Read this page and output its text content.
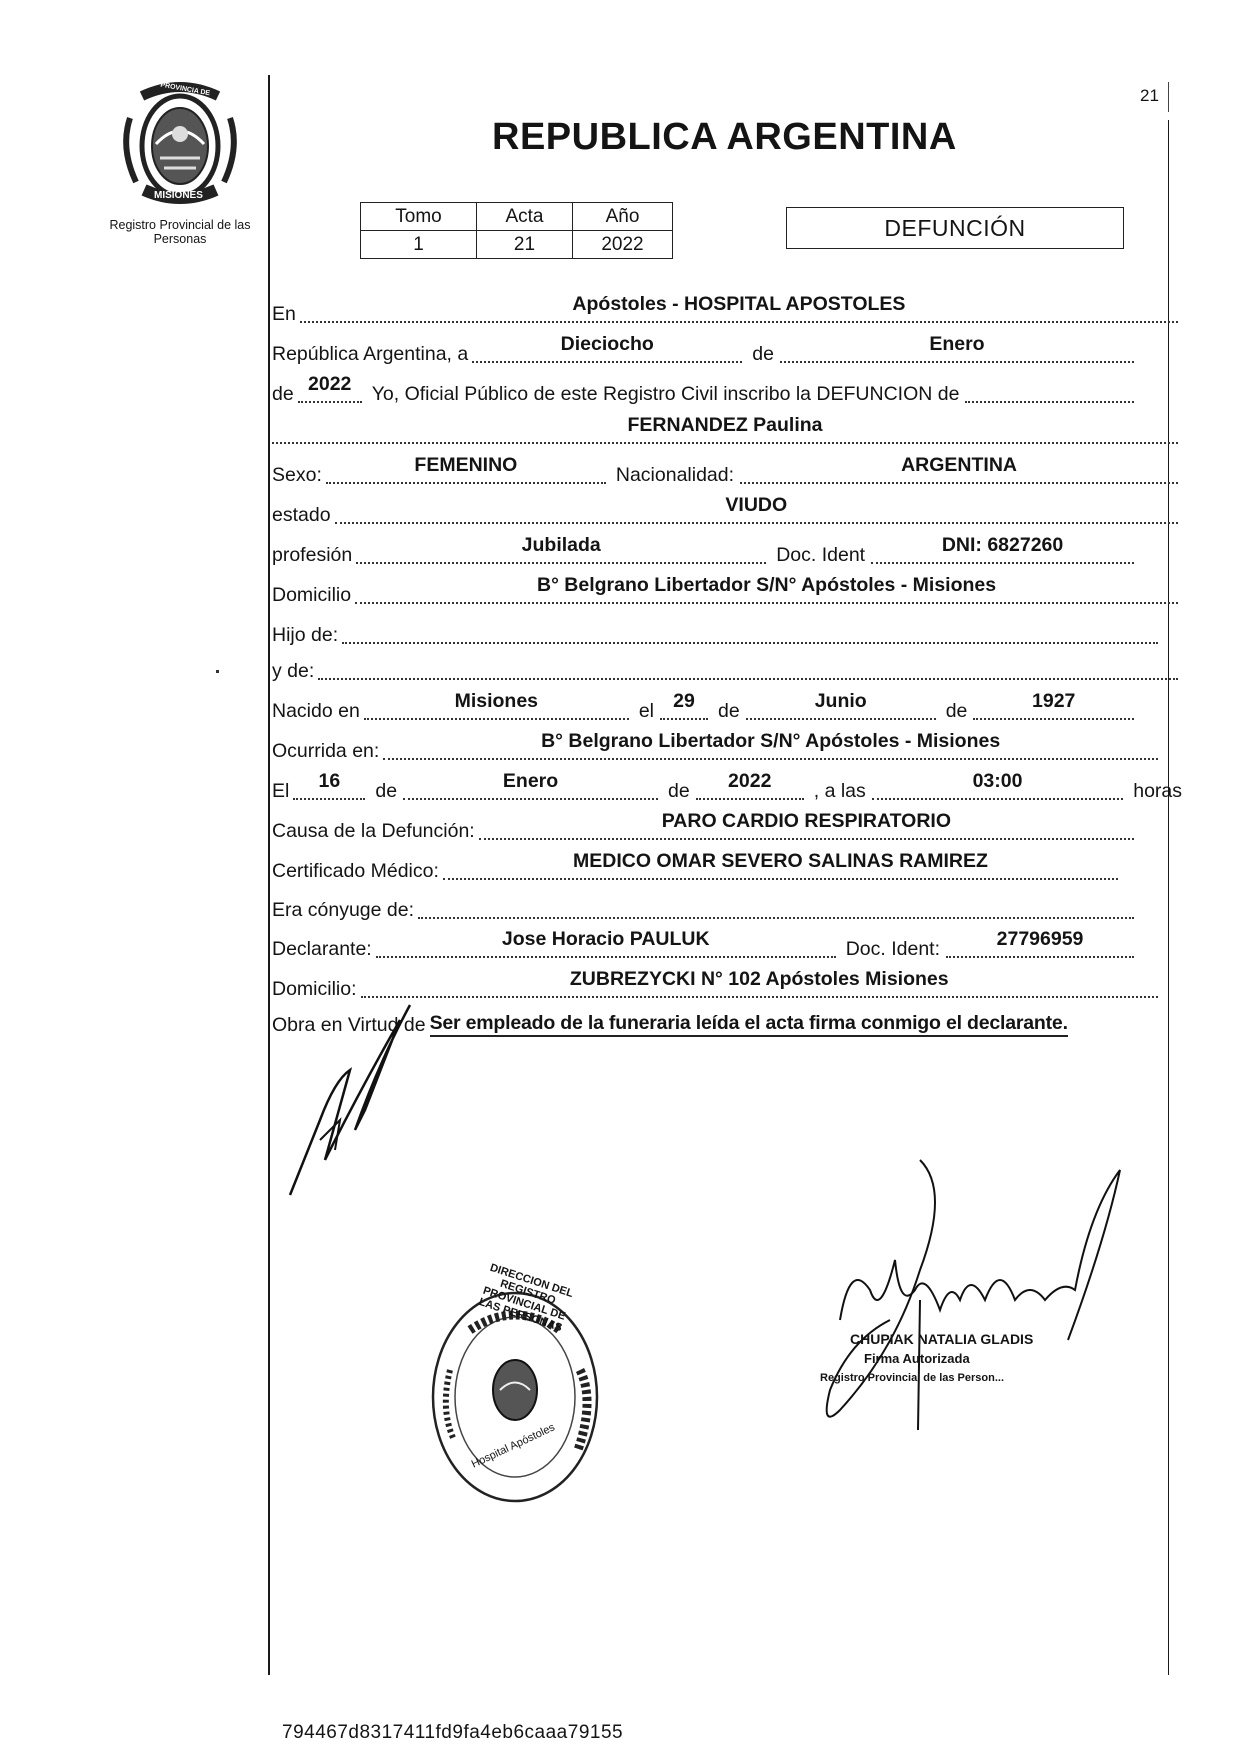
PROVINCIA DE
MISIONES
Registro Provincial de las Personas
REPUBLICA ARGENTINA
21
Tomo	Acta	Año
1	21	2022
DEFUNCIÓN
En	Apóstoles - HOSPITAL APOSTOLES
República Argentina, a	Dieciocho	de	Enero
de 2022 Yo, Oficial Público de este Registro Civil inscribo la DEFUNCION de
FERNANDEZ Paulina
Sexo:	FEMENINO	Nacionalidad:	ARGENTINA
estado	VIUDO
profesión	Jubilada	Doc. Ident	DNI: 6827260
Domicilio	B° Belgrano Libertador S/N° Apóstoles - Misiones
Hijo de:
y de:
Nacido en	Misiones	el 29 de	Junio	de	1927
Ocurrida en:	B° Belgrano Libertador S/N° Apóstoles - Misiones
El 16 de	Enero	de 2022 , a las	03:00	horas
Causa de la Defunción:	PARO CARDIO RESPIRATORIO
Certificado Médico:	MEDICO OMAR SEVERO SALINAS RAMIREZ
Era cónyuge de:
Declarante:	Jose Horacio PAULUK	Doc. Ident:	27796959
Domicilio:	ZUBREZYCKI N° 102 Apóstoles Misiones
Obra en Virtud de Ser empleado de la funeraria leída el acta firma conmigo el declarante.
DIRECCION DEL REGISTRO PROVINCIAL DE LAS PERSONAS
Hospital Apóstoles
CHUPIAK NATALIA GLADIS
Firma Autorizada
Registro Provincial de las Person...
794467d8317411fd9fa4eb6caaa79155
